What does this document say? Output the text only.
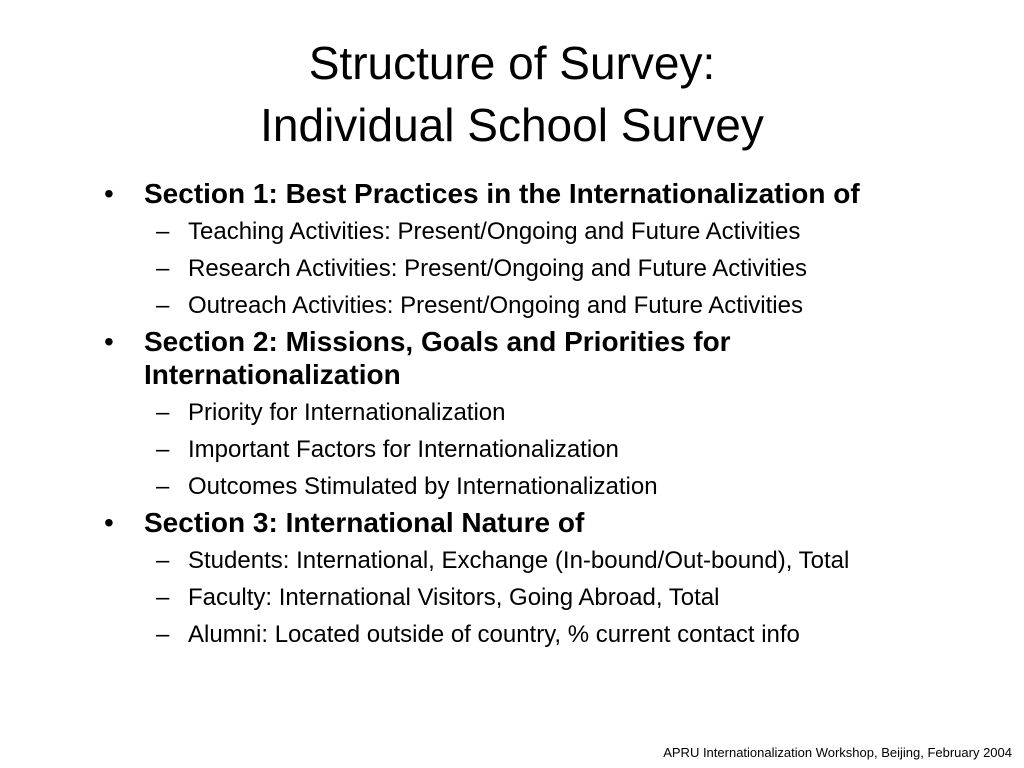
Structure of Survey:
Individual School Survey
• Section 1: Best Practices in the Internationalization of
– Teaching Activities: Present/Ongoing and Future Activities
– Research Activities: Present/Ongoing and Future Activities
– Outreach Activities: Present/Ongoing and Future Activities
• Section 2: Missions, Goals and Priorities for Internationalization
– Priority for Internationalization
– Important Factors for Internationalization
– Outcomes Stimulated by Internationalization
• Section 3: International Nature of
– Students: International, Exchange (In-bound/Out-bound), Total
– Faculty: International Visitors, Going Abroad, Total
– Alumni: Located outside of country, % current contact info
APRU Internationalization Workshop, Beijing, February 2004
